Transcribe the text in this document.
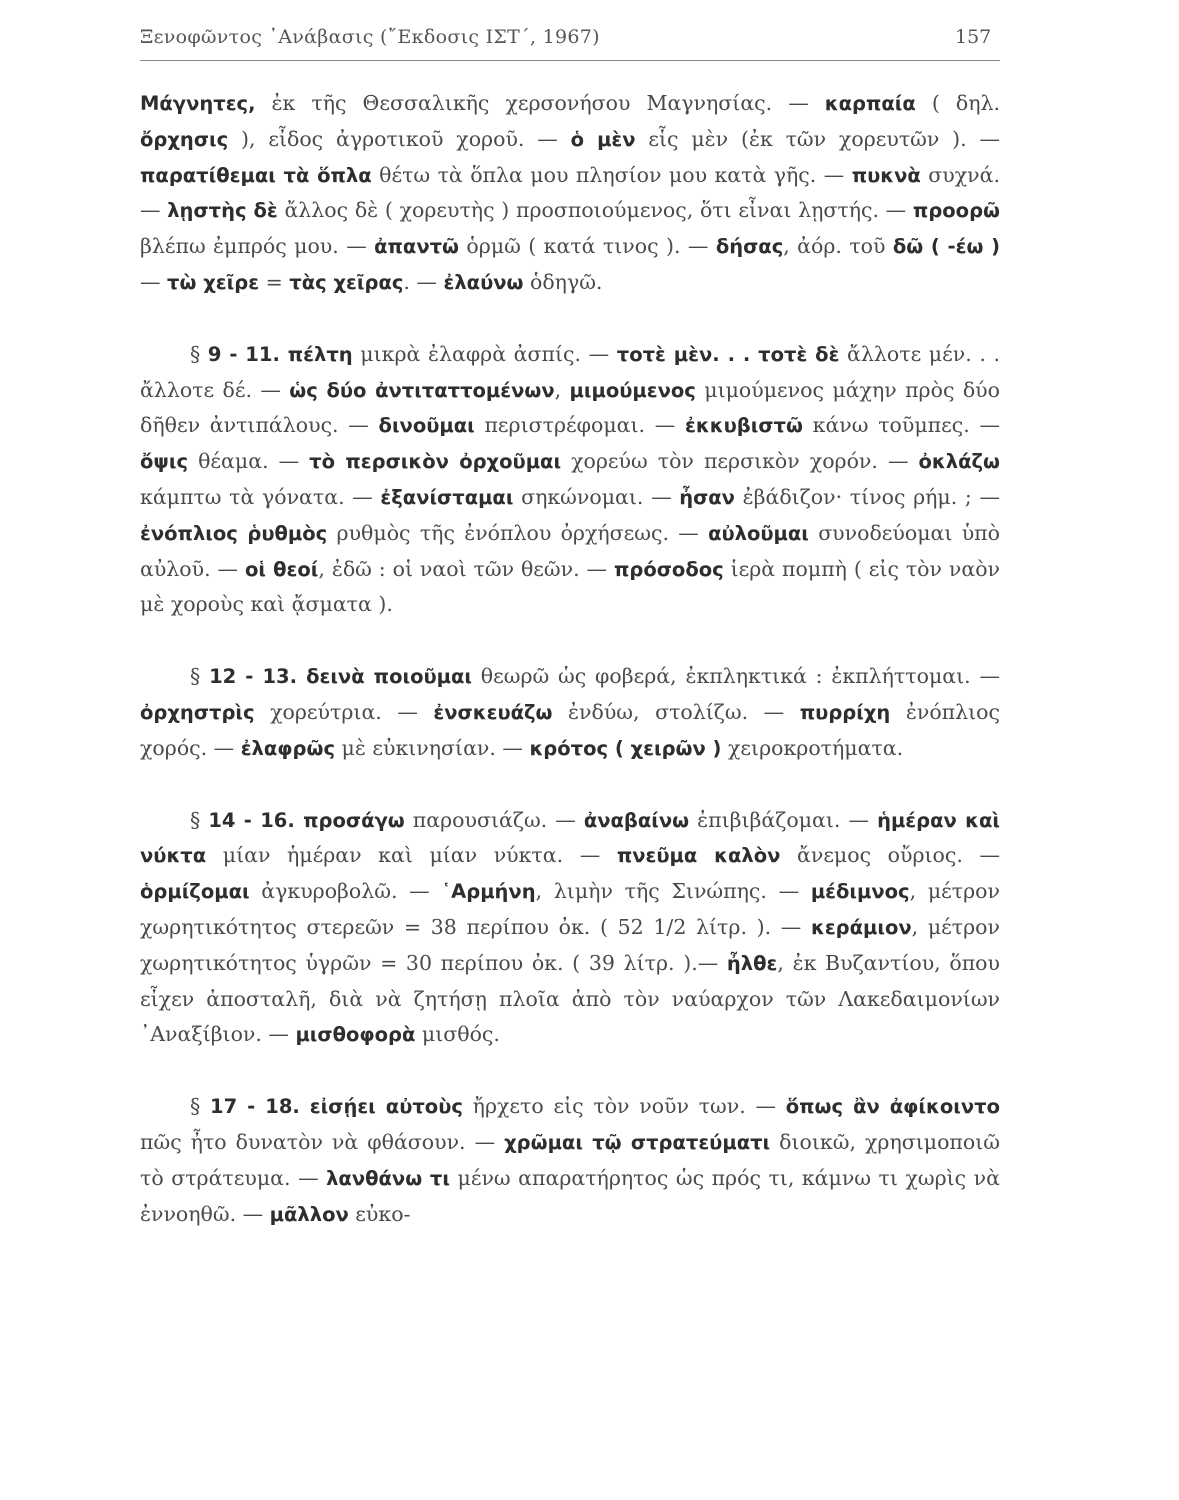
Ξενοφῶντος ᾿Ανάβασις (῎Εκδοσις ΙΣΤ΄, 1967)	157

Μάγνητες, ἐκ τῆς Θεσσαλικῆς χερσονήσου Μαγνησίας. — καρπαία ( δηλ. ὄρχησις ), εἶδος ἀγροτικοῦ χοροῦ. — ὁ μὲν εἷς μὲν (ἐκ τῶν χορευτῶν ). — παρατίθεμαι τὰ ὅπλα θέτω τὰ ὅπλα μου πλησίον μου κατὰ γῆς. — πυκνὰ συχνά. — λῃστὴς δὲ ἄλλος δὲ ( χορευτὴς ) προσποιούμενος, ὅτι εἶναι λῃστής. — προορῶ βλέπω ἐμπρός μου. — ἀπαντῶ ὁρμῶ ( κατά τινος ). — δήσας, ἀόρ. τοῦ δῶ ( -έω ) — τὼ χεῖρε = τὰς χεῖρας. — ἐλαύνω ὁδηγῶ.

§ 9 - 11. πέλτη μικρὰ ἐλαφρὰ ἀσπίς. — τοτὲ μὲν. . . τοτὲ δὲ ἄλλοτε μέν. . . ἄλλοτε δέ. — ὡς δύο ἀντιταττομένων, μιμούμενος μιμούμενος μάχην πρὸς δύο δῆθεν ἀντιπάλους. — δινοῦμαι περιστρέφομαι. — ἐκκυβιστῶ κάνω τοῦμπες. — ὄψις θέαμα. — τὸ περσικὸν ὀρχοῦμαι χορεύω τὸν περσικὸν χορόν. — ὀκλάζω κάμπτω τὰ γόνατα. — ἐξανίσταμαι σηκώνομαι. — ἦσαν ἐβάδιζον· τίνος ρήμ. ; — ἐνόπλιος ῥυθμὸς ρυθμὸς τῆς ἐνόπλου ὀρχήσεως. — αὐλοῦμαι συνοδεύομαι ὑπὸ αὐλοῦ. — οἱ θεοί, ἐδῶ : οἱ ναοὶ τῶν θεῶν. — πρόσοδος ἱερὰ πομπὴ ( εἰς τὸν ναὸν μὲ χοροὺς καὶ ᾄσματα ).

§ 12 - 13. δεινὰ ποιοῦμαι θεωρῶ ὡς φοβερά, ἐκπληκτικά : ἐκπλήττομαι. — ὀρχηστρὶς χορεύτρια. — ἐνσκευάζω ἐνδύω, στολίζω. — πυρρίχη ἐνόπλιος χορός. — ἐλαφρῶς μὲ εὐκινησίαν. — κρότος ( χειρῶν ) χειροκροτήματα.

§ 14 - 16. προσάγω παρουσιάζω. — ἀναβαίνω ἐπιβιβάζομαι. — ἡμέραν καὶ νύκτα μίαν ἡμέραν καὶ μίαν νύκτα. — πνεῦμα καλὸν ἄνεμος οὔριος. — ὁρμίζομαι ἀγκυροβολῶ. — ῾Αρμήνη, λιμὴν τῆς Σινώπης. — μέδιμνος, μέτρον χωρητικότητος στερεῶν = 38 περίπου ὀκ. ( 52 1/2 λίτρ. ). — κεράμιον, μέτρον χωρητικότητος ὑγρῶν = 30 περίπου ὀκ. ( 39 λίτρ. ).— ἦλθε, ἐκ Βυζαντίου, ὅπου εἶχεν ἀποσταλῆ, διὰ νὰ ζητήσῃ πλοῖα ἀπὸ τὸν ναύαρχον τῶν Λακεδαιμονίων ᾿Αναξίβιον. — μισθοφορὰ μισθός.

§ 17 - 18. εἰσῄει αὐτοὺς ἤρχετο εἰς τὸν νοῦν των. — ὅπως ἂν ἀφίκοιντο πῶς ἦτο δυνατὸν νὰ φθάσουν. — χρῶμαι τῷ στρατεύματι διοικῶ, χρησιμοποιῶ τὸ στράτευμα. — λανθάνω τι μένω απαρατήρητος ὡς πρός τι, κάμνω τι χωρὶς νὰ ἐννοηθῶ. — μᾶλλον εὐκο-
